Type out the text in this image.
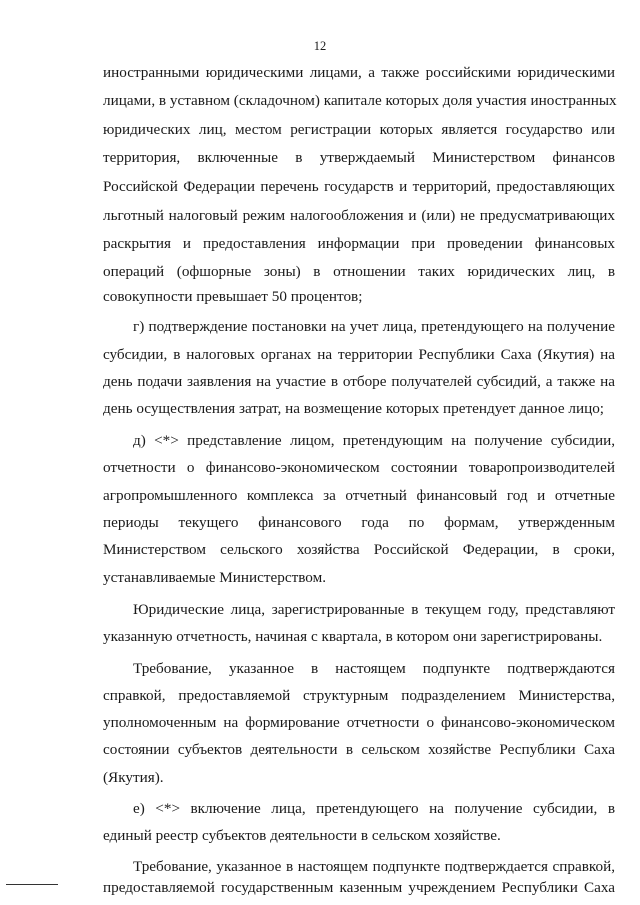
12
иностранными юридическими лицами, а также российскими юридическими
лицами, в уставном (складочном) капитале которых доля участия иностранных
юридических лиц, местом регистрации которых является государство или
территория, включенные в утверждаемый Министерством финансов
Российской Федерации перечень государств и территорий, предоставляющих
льготный налоговый режим налогообложения и (или) не предусматривающих
раскрытия и предоставления информации при проведении финансовых
операций (офшорные зоны) в отношении таких юридических лиц, в
совокупности превышает 50 процентов;
г) подтверждение постановки на учет лица, претендующего на получение
субсидии, в налоговых органах на территории Республики Саха (Якутия) на
день подачи заявления на участие в отборе получателей субсидий, а также на
день осуществления затрат, на возмещение которых претендует данное лицо;
д) <*> представление лицом, претендующим на получение субсидии,
отчетности о финансово-экономическом состоянии товаропроизводителей
агропромышленного комплекса за отчетный финансовый год и отчетные
периоды текущего финансового года по формам, утвержденным
Министерством сельского хозяйства Российской Федерации, в сроки,
устанавливаемые Министерством.
Юридические лица, зарегистрированные в текущем году, представляют
указанную отчетность, начиная с квартала, в котором они зарегистрированы.
Требование, указанное в настоящем подпункте подтверждаются
справкой, предоставляемой структурным подразделением Министерства,
уполномоченным на формирование отчетности о финансово-экономическом
состоянии субъектов деятельности в сельском хозяйстве Республики Саха
(Якутия).
е) <*> включение лица, претендующего на получение субсидии, в
единый реестр субъектов деятельности в сельском хозяйстве.
Требование, указанное в настоящем подпункте подтверждается справкой,
предоставляемой государственным казенным учреждением Республики Саха
